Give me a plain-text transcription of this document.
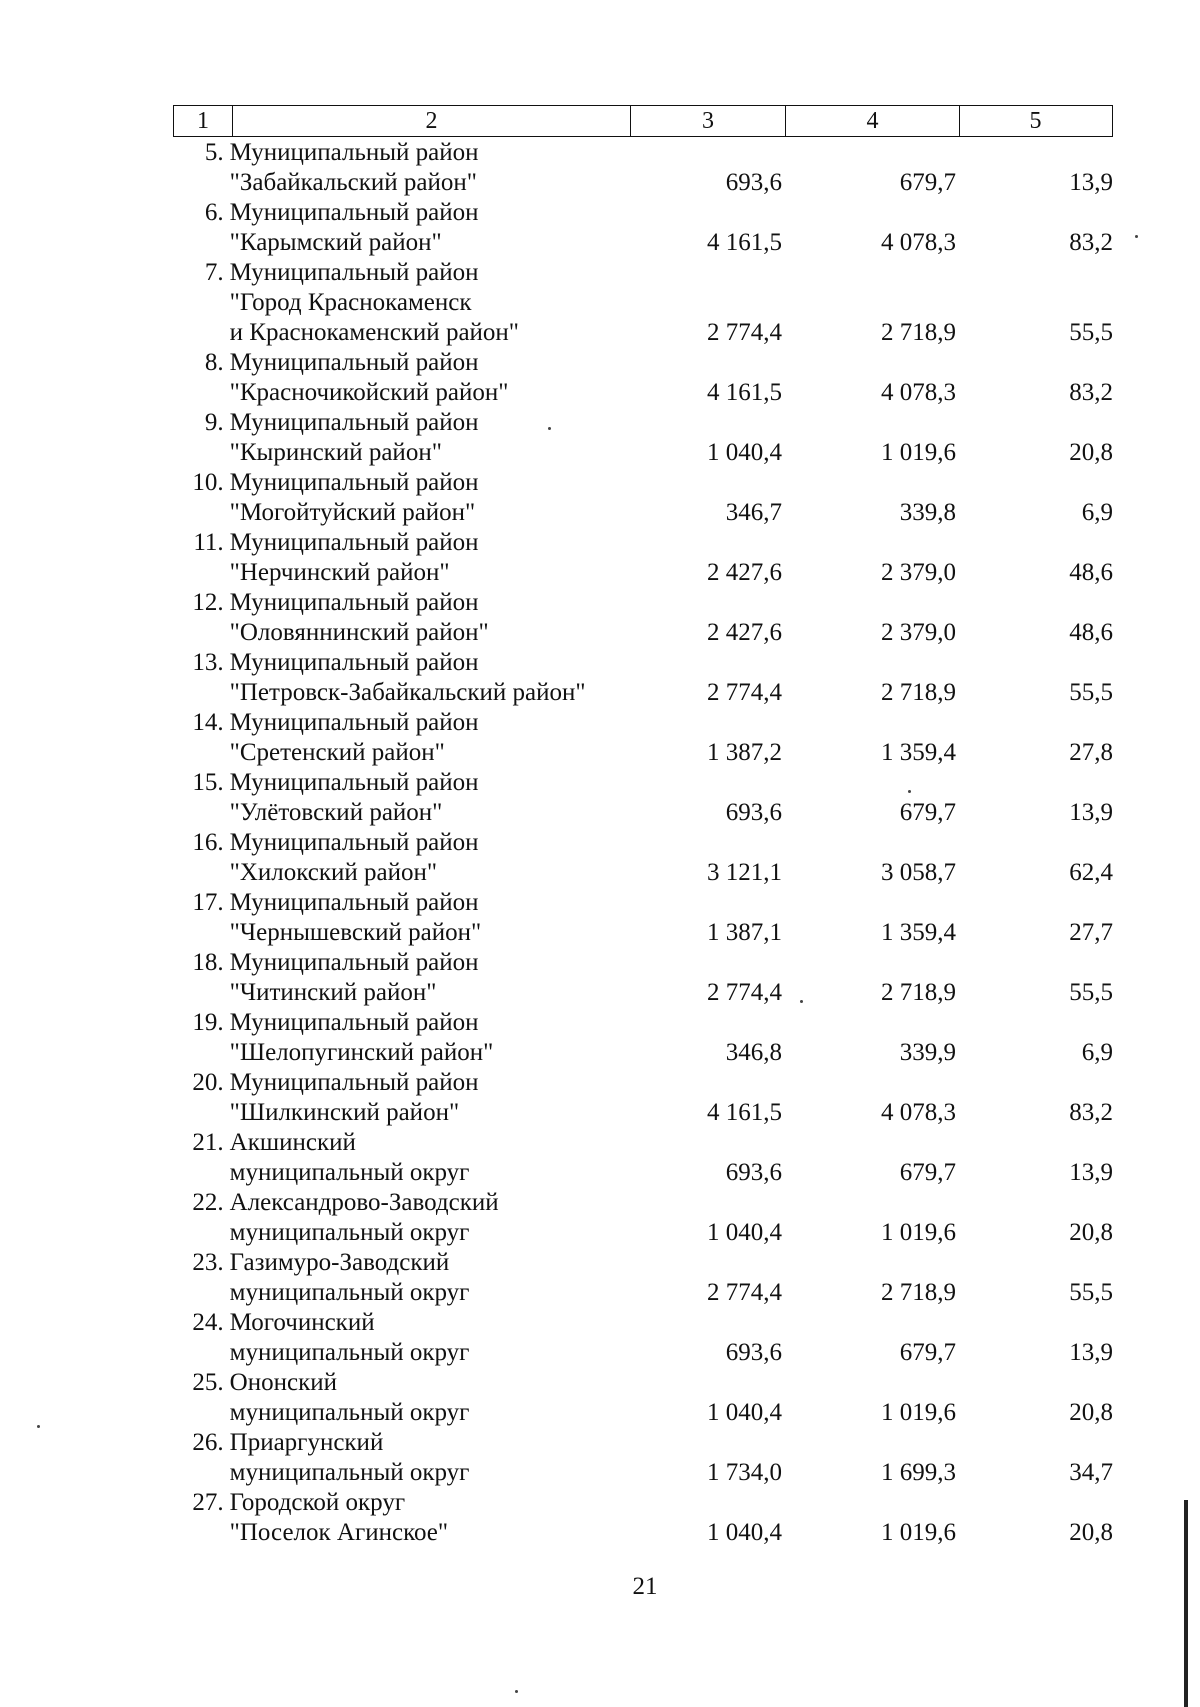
1	2	3	4	5
5. Муниципальный район
"Забайкальский район"	693,6	679,7	13,9
6. Муниципальный район
"Карымский район"	4 161,5	4 078,3	83,2
7. Муниципальный район
"Город Краснокаменск
и Краснокаменский район"	2 774,4	2 718,9	55,5
8. Муниципальный район
"Красночикойский район"	4 161,5	4 078,3	83,2
9. Муниципальный район
"Кыринский район"	1 040,4	1 019,6	20,8
10. Муниципальный район
"Могойтуйский район"	346,7	339,8	6,9
11. Муниципальный район
"Нерчинский район"	2 427,6	2 379,0	48,6
12. Муниципальный район
"Оловяннинский район"	2 427,6	2 379,0	48,6
13. Муниципальный район
"Петровск-Забайкальский район"	2 774,4	2 718,9	55,5
14. Муниципальный район
"Сретенский район"	1 387,2	1 359,4	27,8
15. Муниципальный район
"Улётовский район"	693,6	679,7	13,9
16. Муниципальный район
"Хилокский район"	3 121,1	3 058,7	62,4
17. Муниципальный район
"Чернышевский район"	1 387,1	1 359,4	27,7
18. Муниципальный район
"Читинский район"	2 774,4	2 718,9	55,5
19. Муниципальный район
"Шелопугинский район"	346,8	339,9	6,9
20. Муниципальный район
"Шилкинский район"	4 161,5	4 078,3	83,2
21. Акшинский
муниципальный округ	693,6	679,7	13,9
22. Александрово-Заводский
муниципальный округ	1 040,4	1 019,6	20,8
23. Газимуро-Заводский
муниципальный округ	2 774,4	2 718,9	55,5
24. Могочинский
муниципальный округ	693,6	679,7	13,9
25. Ононский
муниципальный округ	1 040,4	1 019,6	20,8
26. Приаргунский
муниципальный округ	1 734,0	1 699,3	34,7
27. Городской округ
"Поселок Агинское"	1 040,4	1 019,6	20,8
21
